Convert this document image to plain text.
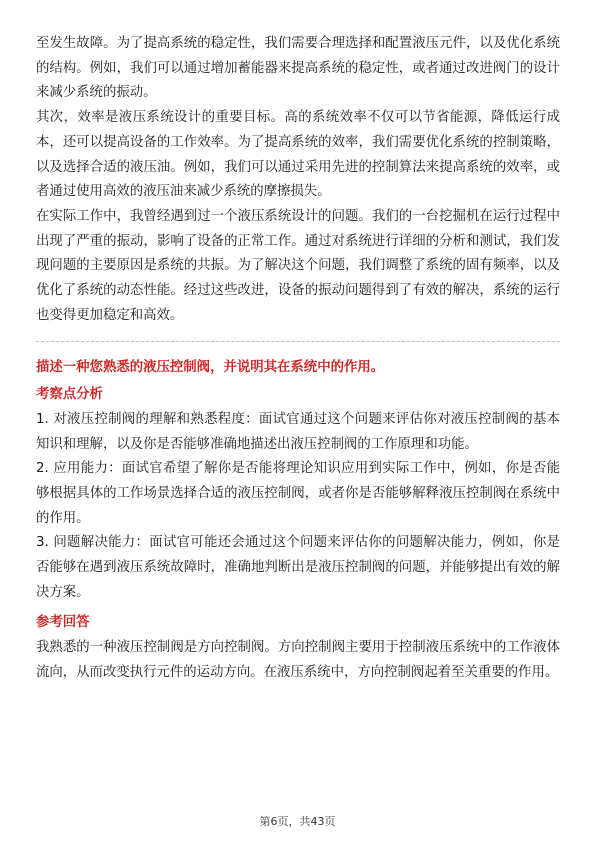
至发生故障。为了提高系统的稳定性，我们需要合理选择和配置液压元件，以及优化系统的结构。例如，我们可以通过增加蓄能器来提高系统的稳定性，或者通过改进阀门的设计来减少系统的振动。

其次，效率是液压系统设计的重要目标。高的系统效率不仅可以节省能源，降低运行成本，还可以提高设备的工作效率。为了提高系统的效率，我们需要优化系统的控制策略，以及选择合适的液压油。例如，我们可以通过采用先进的控制算法来提高系统的效率，或者通过使用高效的液压油来减少系统的摩擦损失。

在实际工作中，我曾经遇到过一个液压系统设计的问题。我们的一台挖掘机在运行过程中出现了严重的振动，影响了设备的正常工作。通过对系统进行详细的分析和测试，我们发现问题的主要原因是系统的共振。为了解决这个问题，我们调整了系统的固有频率，以及优化了系统的动态性能。经过这些改进，设备的振动问题得到了有效的解决，系统的运行也变得更加稳定和高效。

描述一种您熟悉的液压控制阀，并说明其在系统中的作用。
考察点分析

1. 对液压控制阀的理解和熟悉程度：面试官通过这个问题来评估你对液压控制阀的基本知识和理解，以及你是否能够准确地描述出液压控制阀的工作原理和功能。

2. 应用能力：面试官希望了解你是否能将理论知识应用到实际工作中，例如，你是否能够根据具体的工作场景选择合适的液压控制阀，或者你是否能够解释液压控制阀在系统中的作用。

3. 问题解决能力：面试官可能还会通过这个问题来评估你的问题解决能力，例如，你是否能够在遇到液压系统故障时，准确地判断出是液压控制阀的问题，并能够提出有效的解决方案。

参考回答

我熟悉的一种液压控制阀是方向控制阀。方向控制阀主要用于控制液压系统中的工作液体流向，从而改变执行元件的运动方向。在液压系统中，方向控制阀起着至关重要的作用。

第6页，共43页
